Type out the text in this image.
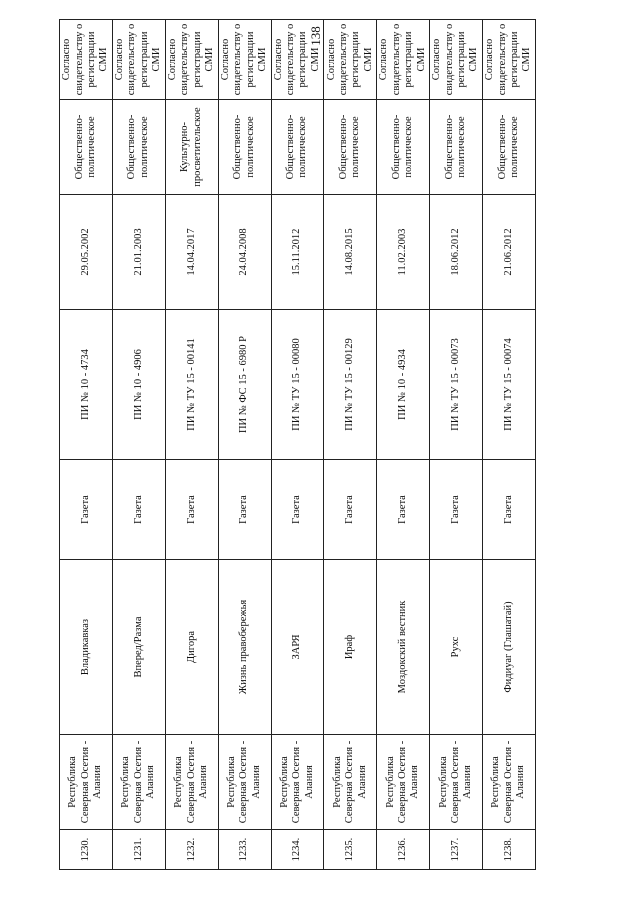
138
1230.	Республика Северная Осетия - Алания	Владикавказ	Газета	ПИ № 10 - 4734	29.05.2002	Общественно-политическое	Согласно свидетельству о регистрации СМИ
1231.	Республика Северная Осетия - Алания	Вперед/Разма	Газета	ПИ № 10 - 4906	21.01.2003	Общественно-политическое	Согласно свидетельству о регистрации СМИ
1232.	Республика Северная Осетия - Алания	Дигора	Газета	ПИ № ТУ 15 - 00141	14.04.2017	Культурно-просветительское	Согласно свидетельству о регистрации СМИ
1233.	Республика Северная Осетия - Алания	Жизнь правобережья	Газета	ПИ № ФС 15 - 6980 Р	24.04.2008	Общественно-политическое	Согласно свидетельству о регистрации СМИ
1234.	Республика Северная Осетия - Алания	ЗАРЯ	Газета	ПИ № ТУ 15 - 00080	15.11.2012	Общественно-политическое	Согласно свидетельству о регистрации СМИ
1235.	Республика Северная Осетия - Алания	Ираф	Газета	ПИ № ТУ 15 - 00129	14.08.2015	Общественно-политическое	Согласно свидетельству о регистрации СМИ
1236.	Республика Северная Осетия - Алания	Моздокский вестник	Газета	ПИ № 10 - 4934	11.02.2003	Общественно-политическое	Согласно свидетельству о регистрации СМИ
1237.	Республика Северная Осетия - Алания	Рухс	Газета	ПИ № ТУ 15 - 00073	18.06.2012	Общественно-политическое	Согласно свидетельству о регистрации СМИ
1238.	Республика Северная Осетия - Алания	Фидиуаг (Глашатай)	Газета	ПИ № ТУ 15 - 00074	21.06.2012	Общественно-политическое	Согласно свидетельству о регистрации СМИ
